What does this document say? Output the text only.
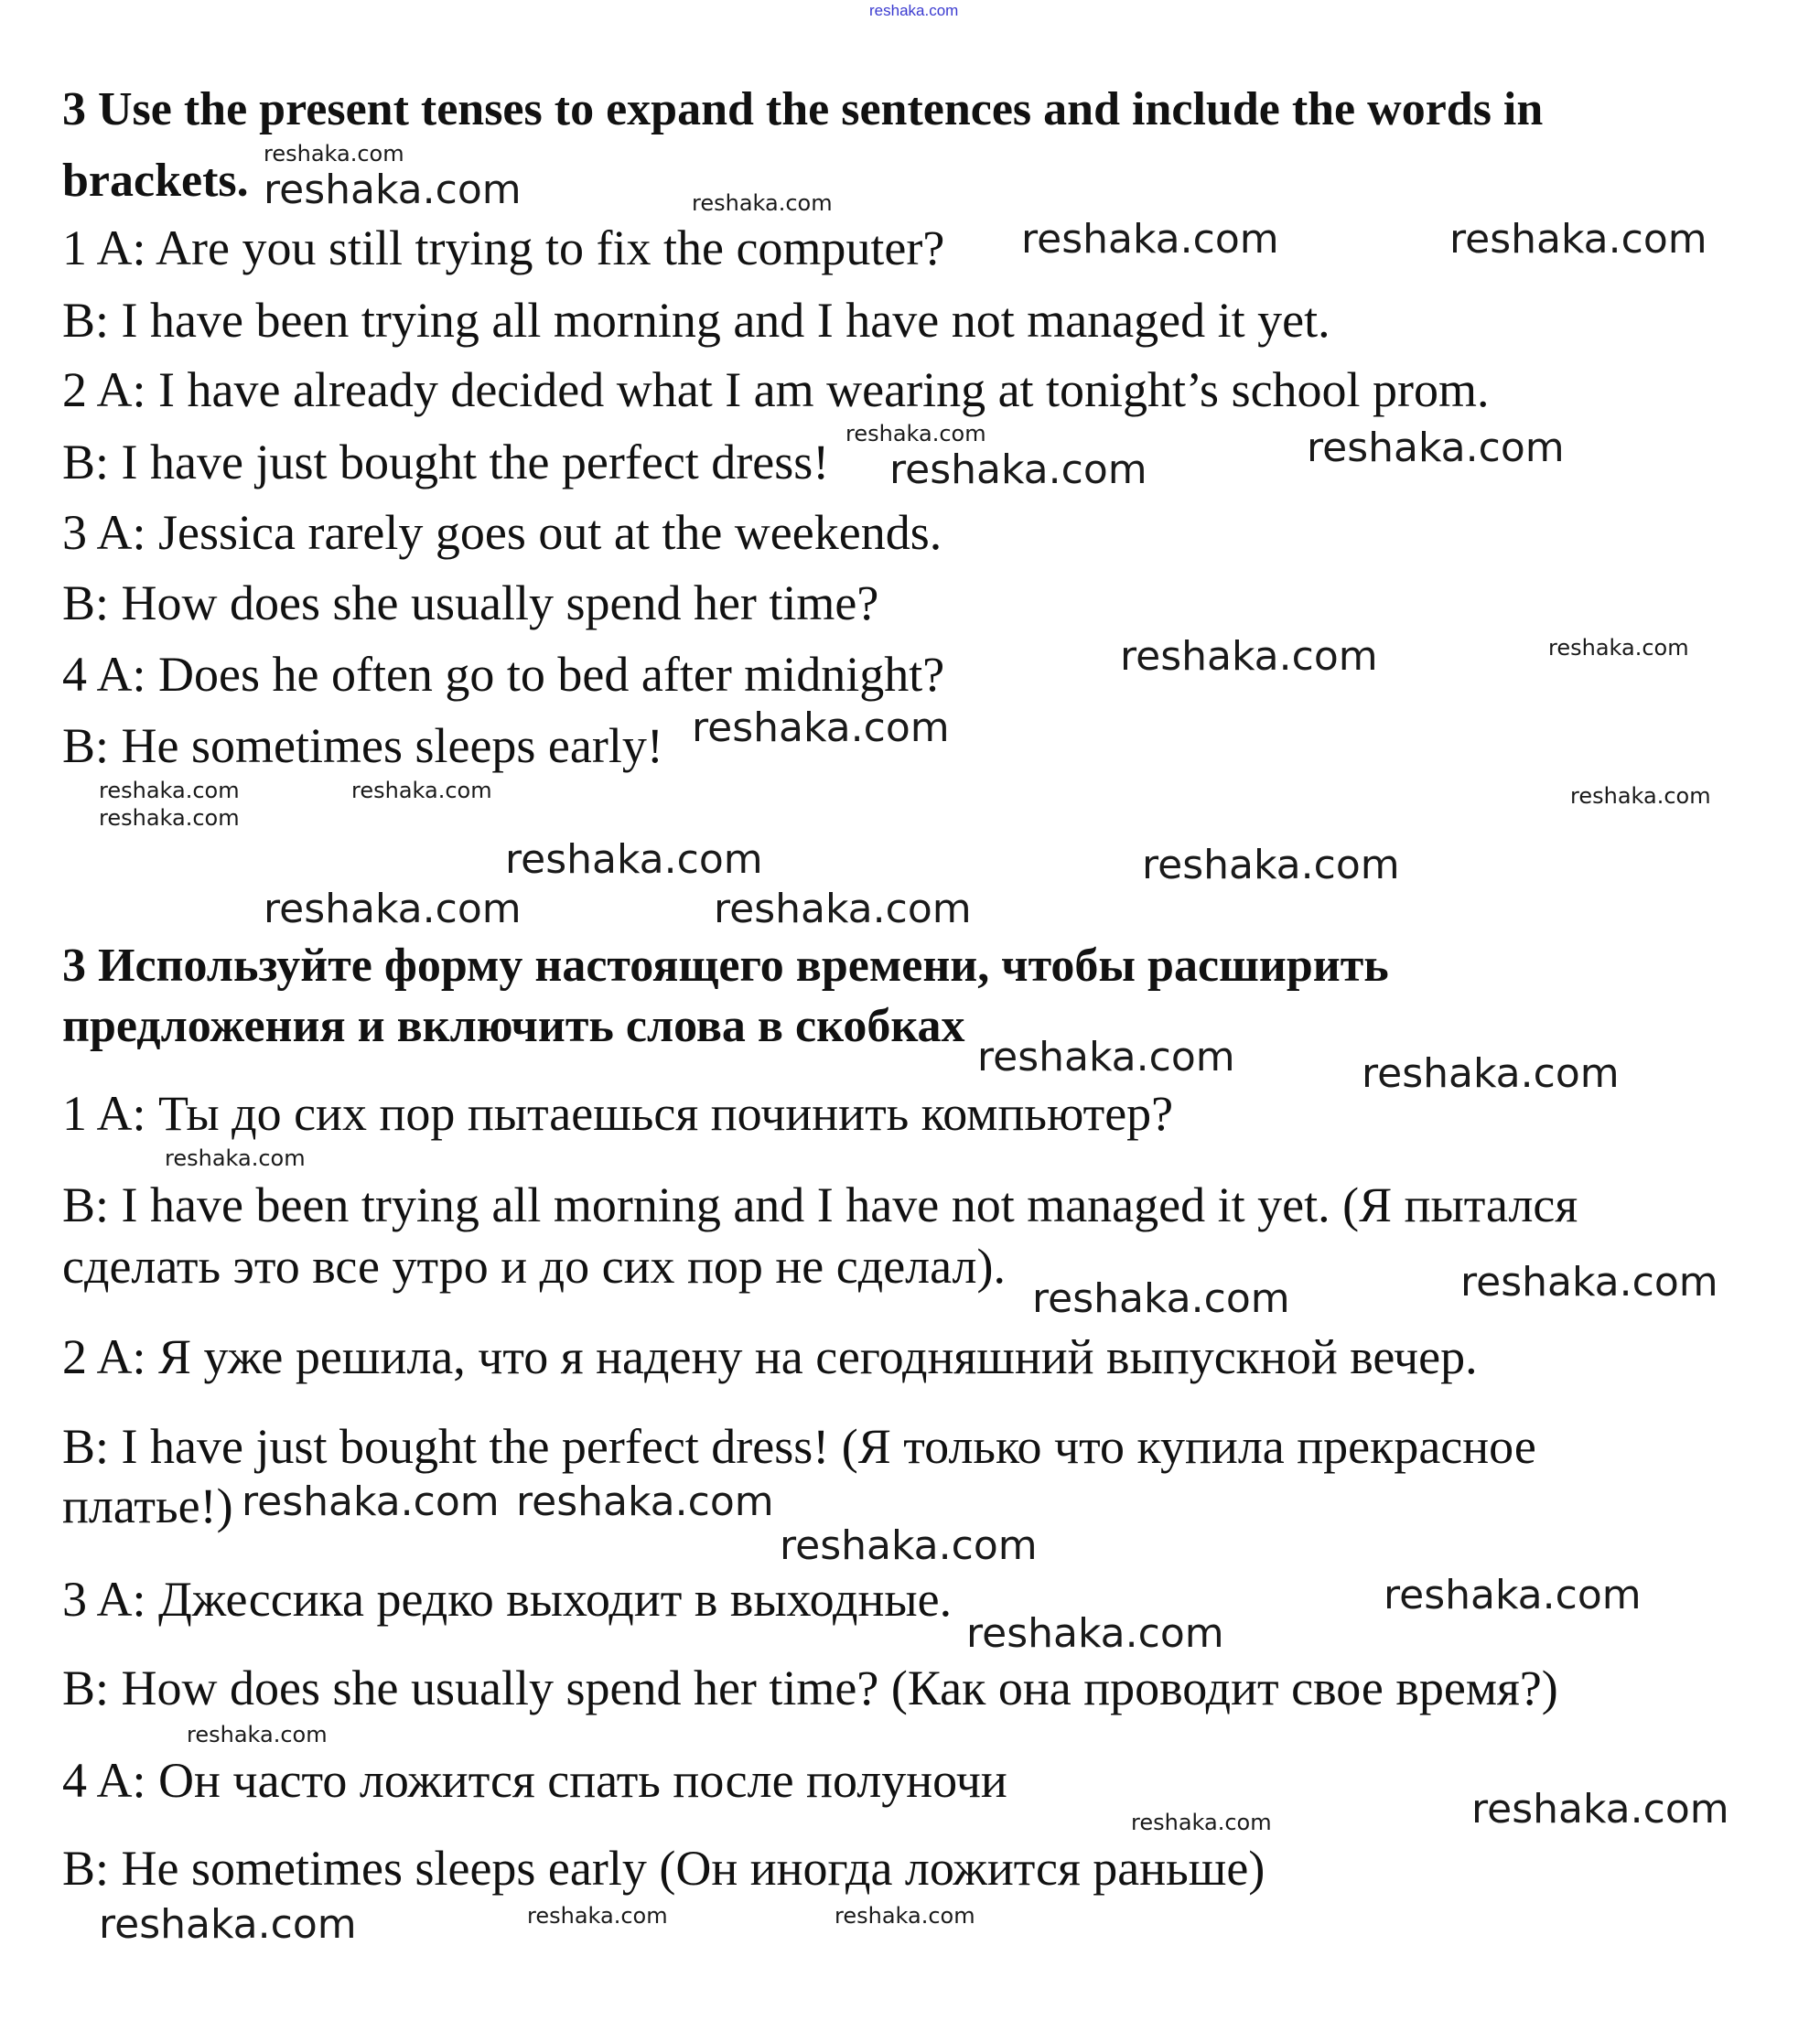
reshaka.com
3 Use the present tenses to expand the sentences and include the words in
brackets.
1 A: Are you still trying to fix the computer?
B: I have been trying all morning and I have not managed it yet.
2 A: I have already decided what I am wearing at tonight’s school prom.
B: I have just bought the perfect dress!
3 A: Jessica rarely goes out at the weekends.
B: How does she usually spend her time?
4 A: Does he often go to bed after midnight?
B: He sometimes sleeps early!
3 Используйте форму настоящего времени, чтобы расширить
предложения и включить слова в скобках
1 A: Ты до сих пор пытаешься починить компьютер?
B: I have been trying all morning and I have not managed it yet. (Я пытался
сделать это все утро и до сих пор не сделал).
2 A: Я уже решила, что я надену на сегодняшний выпускной вечер.
B: I have just bought the perfect dress! (Я только что купила прекрасное
платье!)
3 A: Джессика редко выходит в выходные.
B: How does she usually spend her time? (Как она проводит свое время?)
4 A: Он часто ложится спать после полуночи
B: He sometimes sleeps early (Он иногда ложится раньше)
reshaka.com	reshaka.com
reshaka.com	reshaka.com
reshaka.com
reshaka.com
reshaka.com	reshaka.com
reshaka.com	reshaka.com
reshaka.com	reshaka.com
reshaka.com
reshaka.com
reshaka.com
reshaka.com
reshaka.com	reshaka.com
reshaka.com
reshaka.com
reshaka.com
reshaka.com
reshaka.com
reshaka.com reshaka.com
reshaka.com
reshaka.com
reshaka.com
reshaka.com
reshaka.com
reshaka.com
reshaka.com
reshaka.com	reshaka.com
reshaka.com
